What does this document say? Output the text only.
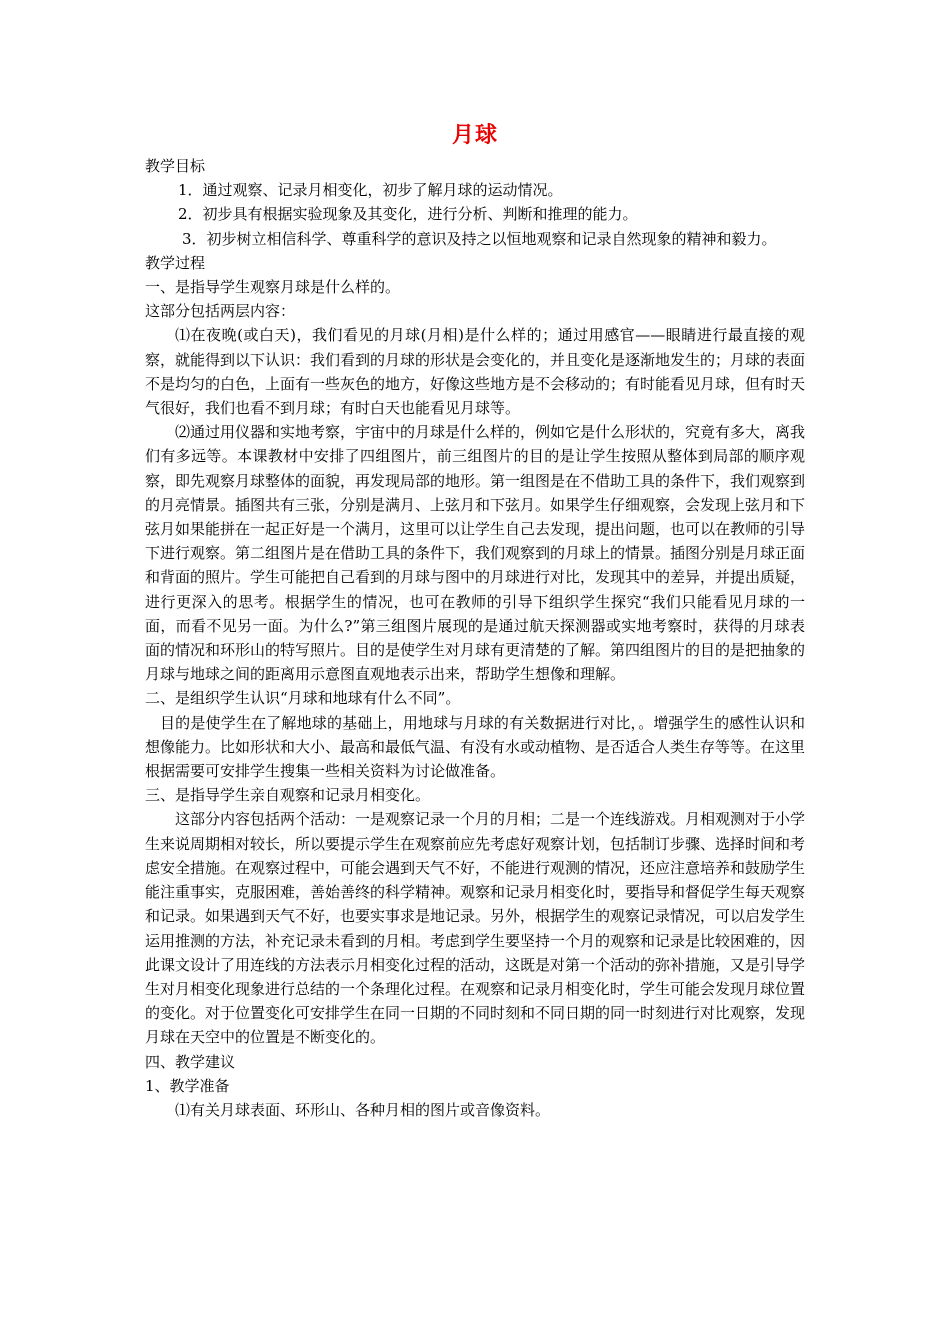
月球

教学目标

1．通过观察、记录月相变化，初步了解月球的运动情况。

2．初步具有根据实验现象及其变化，进行分析、判断和推理的能力。

3．初步树立相信科学、尊重科学的意识及持之以恒地观察和记录自然现象的精神和毅力。

教学过程

一、是指导学生观察月球是什么样的。

这部分包括两层内容：

⑴在夜晚(或白天)，我们看见的月球(月相)是什么样的；通过用感官——眼睛进行最直接的观察，就能得到以下认识：我们看到的月球的形状是会变化的，并且变化是逐渐地发生的；月球的表面不是均匀的白色，上面有一些灰色的地方，好像这些地方是不会移动的；有时能看见月球，但有时天气很好，我们也看不到月球；有时白天也能看见月球等。

⑵通过用仪器和实地考察，宇宙中的月球是什么样的，例如它是什么形状的，究竟有多大，离我们有多远等。本课教材中安排了四组图片，前三组图片的目的是让学生按照从整体到局部的顺序观察，即先观察月球整体的面貌，再发现局部的地形。第一组图是在不借助工具的条件下，我们观察到的月亮情景。插图共有三张，分别是满月、上弦月和下弦月。如果学生仔细观察，会发现上弦月和下弦月如果能拼在一起正好是一个满月，这里可以让学生自己去发现，提出问题，也可以在教师的引导下进行观察。第二组图片是在借助工具的条件下，我们观察到的月球上的情景。插图分别是月球正面和背面的照片。学生可能把自己看到的月球与图中的月球进行对比，发现其中的差异，并提出质疑，进行更深入的思考。根据学生的情况，也可在教师的引导下组织学生探究“我们只能看见月球的一面，而看不见另一面。为什么?”第三组图片展现的是通过航天探测器或实地考察时，获得的月球表面的情况和环形山的特写照片。目的是使学生对月球有更清楚的了解。第四组图片的目的是把抽象的月球与地球之间的距离用示意图直观地表示出来，帮助学生想像和理解。

二、是组织学生认识“月球和地球有什么不同”。

目的是使学生在了解地球的基础上，用地球与月球的有关数据进行对比，。增强学生的感性认识和想像能力。比如形状和大小、最高和最低气温、有没有水或动植物、是否适合人类生存等等。在这里根据需要可安排学生搜集一些相关资料为讨论做准备。

三、是指导学生亲自观察和记录月相变化。

这部分内容包括两个活动：一是观察记录一个月的月相；二是一个连线游戏。月相观测对于小学生来说周期相对较长，所以要提示学生在观察前应先考虑好观察计划，包括制订步骤、选择时间和考虑安全措施。在观察过程中，可能会遇到天气不好，不能进行观测的情况，还应注意培养和鼓励学生能注重事实，克服困难，善始善终的科学精神。观察和记录月相变化时，要指导和督促学生每天观察和记录。如果遇到天气不好，也要实事求是地记录。另外，根据学生的观察记录情况，可以启发学生运用推测的方法，补充记录未看到的月相。考虑到学生要坚持一个月的观察和记录是比较困难的，因此课文设计了用连线的方法表示月相变化过程的活动，这既是对第一个活动的弥补措施，又是引导学生对月相变化现象进行总结的一个条理化过程。在观察和记录月相变化时，学生可能会发现月球位置的变化。对于位置变化可安排学生在同一日期的不同时刻和不同日期的同一时刻进行对比观察，发现月球在天空中的位置是不断变化的。

四、教学建议

1、教学准备

⑴有关月球表面、环形山、各种月相的图片或音像资料。
